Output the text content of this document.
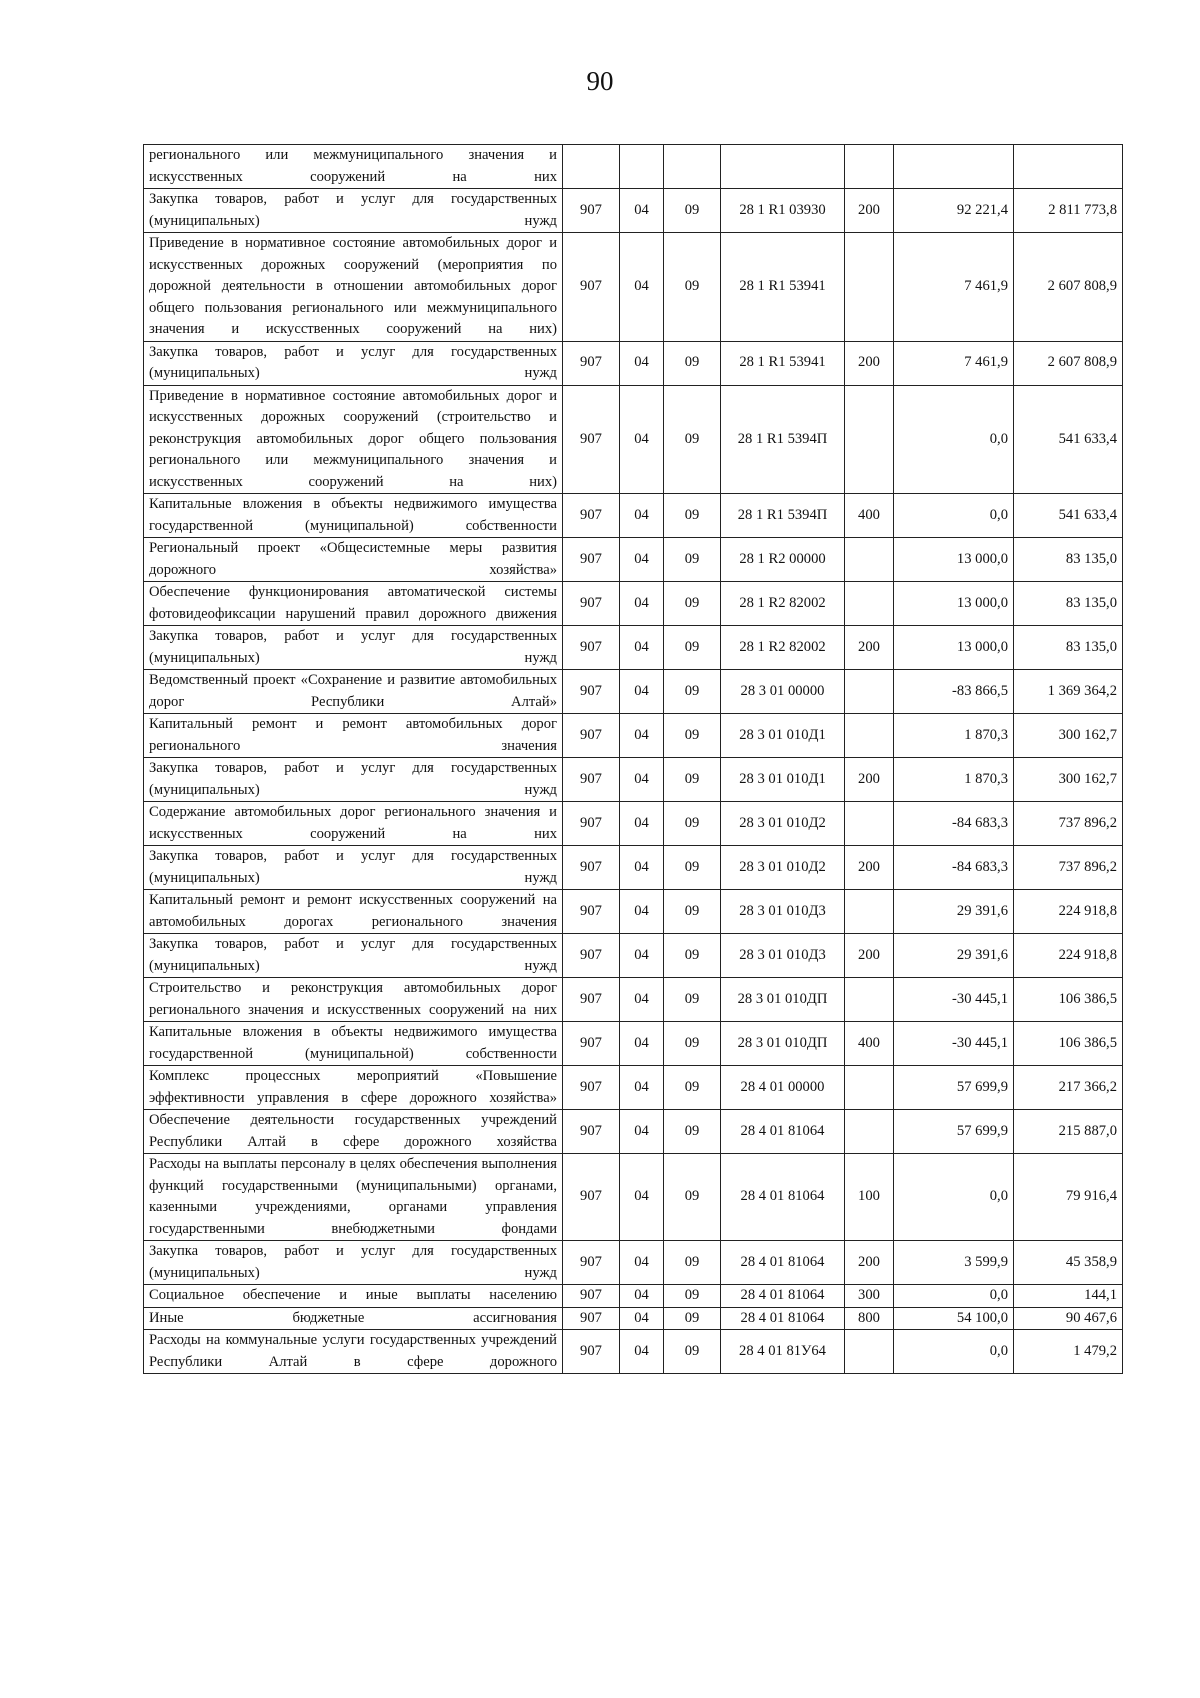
90
регионального или межмуниципального значения и искусственных сооружений на них							
Закупка товаров, работ и услуг для государственных (муниципальных) нужд	907	04	09	28 1 R1 03930	200	92 221,4	2 811 773,8
Приведение в нормативное состояние автомобильных дорог и искусственных дорожных сооружений (мероприятия по дорожной деятельности в отношении автомобильных дорог общего пользования регионального или межмуниципального значения и искусственных сооружений на них)	907	04	09	28 1 R1 53941		7 461,9	2 607 808,9
Закупка товаров, работ и услуг для государственных (муниципальных) нужд	907	04	09	28 1 R1 53941	200	7 461,9	2 607 808,9
Приведение в нормативное состояние автомобильных дорог и искусственных дорожных сооружений (строительство и реконструкция автомобильных дорог общего пользования регионального или межмуниципального значения и искусственных сооружений на них)	907	04	09	28 1 R1 5394П		0,0	541 633,4
Капитальные вложения в объекты недвижимого имущества государственной (муниципальной) собственности	907	04	09	28 1 R1 5394П	400	0,0	541 633,4
Региональный проект «Общесистемные меры развития дорожного хозяйства»	907	04	09	28 1 R2 00000		13 000,0	83 135,0
Обеспечение функционирования автоматической системы фотовидеофиксации нарушений правил дорожного движения	907	04	09	28 1 R2 82002		13 000,0	83 135,0
Закупка товаров, работ и услуг для государственных (муниципальных) нужд	907	04	09	28 1 R2 82002	200	13 000,0	83 135,0
Ведомственный проект «Сохранение и развитие автомобильных дорог Республики Алтай»	907	04	09	28 3 01 00000		-83 866,5	1 369 364,2
Капитальный ремонт и ремонт автомобильных дорог регионального значения	907	04	09	28 3 01 010Д1		1 870,3	300 162,7
Закупка товаров, работ и услуг для государственных (муниципальных) нужд	907	04	09	28 3 01 010Д1	200	1 870,3	300 162,7
Содержание автомобильных дорог регионального значения и искусственных сооружений на них	907	04	09	28 3 01 010Д2		-84 683,3	737 896,2
Закупка товаров, работ и услуг для государственных (муниципальных) нужд	907	04	09	28 3 01 010Д2	200	-84 683,3	737 896,2
Капитальный ремонт и ремонт искусственных сооружений на автомобильных дорогах регионального значения	907	04	09	28 3 01 010Д3		29 391,6	224 918,8
Закупка товаров, работ и услуг для государственных (муниципальных) нужд	907	04	09	28 3 01 010Д3	200	29 391,6	224 918,8
Строительство и реконструкция автомобильных дорог регионального значения и искусственных сооружений на них	907	04	09	28 3 01 010ДП		-30 445,1	106 386,5
Капитальные вложения в объекты недвижимого имущества государственной (муниципальной) собственности	907	04	09	28 3 01 010ДП	400	-30 445,1	106 386,5
Комплекс процессных мероприятий «Повышение эффективности управления в сфере дорожного хозяйства»	907	04	09	28 4 01 00000		57 699,9	217 366,2
Обеспечение деятельности государственных учреждений Республики Алтай в сфере дорожного хозяйства	907	04	09	28 4 01 81064		57 699,9	215 887,0
Расходы на выплаты персоналу в целях обеспечения выполнения функций государственными (муниципальными) органами, казенными учреждениями, органами управления государственными внебюджетными фондами	907	04	09	28 4 01 81064	100	0,0	79 916,4
Закупка товаров, работ и услуг для государственных (муниципальных) нужд	907	04	09	28 4 01 81064	200	3 599,9	45 358,9
Социальное обеспечение и иные выплаты населению	907	04	09	28 4 01 81064	300	0,0	144,1
Иные бюджетные ассигнования	907	04	09	28 4 01 81064	800	54 100,0	90 467,6
Расходы на коммунальные услуги государственных учреждений Республики Алтай в сфере дорожного	907	04	09	28 4 01 81У64		0,0	1 479,2
